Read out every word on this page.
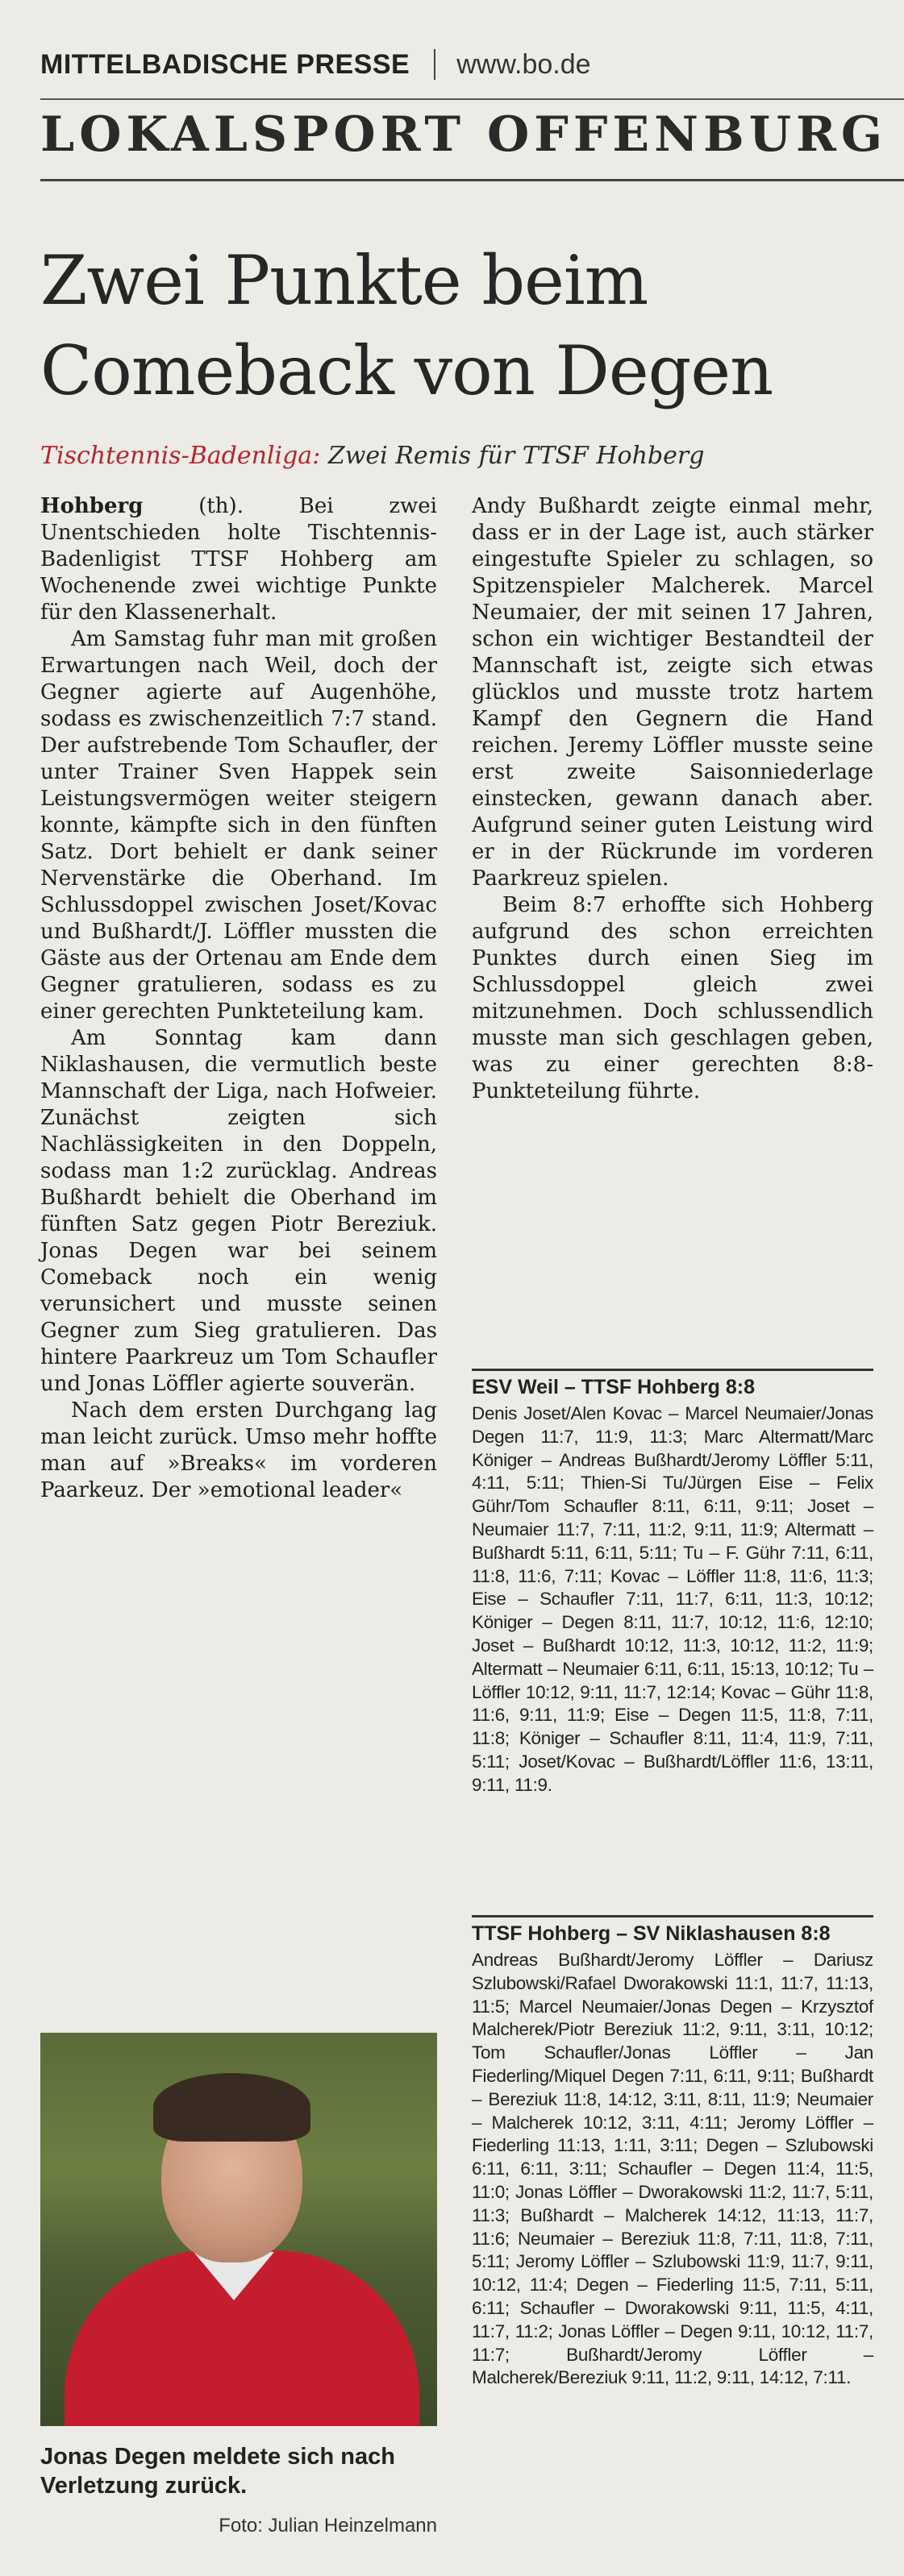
MITTELBADISCHE PRESSE www.bo.de
LOKALSPORT OFFENBURG
Zwei Punkte beim
Comeback von Degen
Tischtennis-Badenliga: Zwei Remis für TTSF Hohberg

Hohberg (th). Bei zwei Unentschieden holte Tischtennis-Badenligist TTSF Hohberg am Wochenende zwei wichtige Punkte für den Klassenerhalt.

Am Samstag fuhr man mit großen Erwartungen nach Weil, doch der Gegner agierte auf Augenhöhe, sodass es zwischenzeitlich 7:7 stand. Der aufstrebende Tom Schaufler, der unter Trainer Sven Happek sein Leistungsvermögen weiter steigern konnte, kämpfte sich in den fünften Satz. Dort behielt er dank seiner Nervenstärke die Oberhand. Im Schlussdoppel zwischen Joset/Kovac und Bußhardt/J. Löffler mussten die Gäste aus der Ortenau am Ende dem Gegner gratulieren, sodass es zu einer gerechten Punkteteilung kam.

Am Sonntag kam dann Niklashausen, die vermutlich beste Mannschaft der Liga, nach Hofweier. Zunächst zeigten sich Nachlässigkeiten in den Doppeln, sodass man 1:2 zurücklag. Andreas Bußhardt behielt die Oberhand im fünften Satz gegen Piotr Bereziuk. Jonas Degen war bei seinem Comeback noch ein wenig verunsichert und musste seinen Gegner zum Sieg gratulieren. Das hintere Paarkreuz um Tom Schaufler und Jonas Löffler agierte souverän.

Nach dem ersten Durchgang lag man leicht zurück. Umso mehr hoffte man auf »Breaks« im vorderen Paarkeuz. Der »emotional leader«

Andy Bußhardt zeigte einmal mehr, dass er in der Lage ist, auch stärker eingestufte Spieler zu schlagen, so Spitzenspieler Malcherek. Marcel Neumaier, der mit seinen 17 Jahren, schon ein wichtiger Bestandteil der Mannschaft ist, zeigte sich etwas glücklos und musste trotz hartem Kampf den Gegnern die Hand reichen. Jeremy Löffler musste seine erst zweite Saisonniederlage einstecken, gewann danach aber. Aufgrund seiner guten Leistung wird er in der Rückrunde im vorderen Paarkreuz spielen.

Beim 8:7 erhoffte sich Hohberg aufgrund des schon erreichten Punktes durch einen Sieg im Schlussdoppel gleich zwei mitzunehmen. Doch schlussendlich musste man sich geschlagen geben, was zu einer gerechten 8:8-Punkteteilung führte.

ESV Weil – TTSF Hohberg 8:8
Denis Joset/Alen Kovac – Marcel Neumaier/Jonas Degen 11:7, 11:9, 11:3; Marc Altermatt/Marc Königer – Andreas Bußhardt/Jeromy Löffler 5:11, 4:11, 5:11; Thien-Si Tu/Jürgen Eise – Felix Gühr/Tom Schaufler 8:11, 6:11, 9:11; Joset – Neumaier 11:7, 7:11, 11:2, 9:11, 11:9; Altermatt – Bußhardt 5:11, 6:11, 5:11; Tu – F. Gühr 7:11, 6:11, 11:8, 11:6, 7:11; Kovac – Löffler 11:8, 11:6, 11:3; Eise – Schaufler 7:11, 11:7, 6:11, 11:3, 10:12; Königer – Degen 8:11, 11:7, 10:12, 11:6, 12:10; Joset – Bußhardt 10:12, 11:3, 10:12, 11:2, 11:9; Altermatt – Neumaier 6:11, 6:11, 15:13, 10:12; Tu – Löffler 10:12, 9:11, 11:7, 12:14; Kovac – Gühr 11:8, 11:6, 9:11, 11:9; Eise – Degen 11:5, 11:8, 7:11, 11:8; Königer – Schaufler 8:11, 11:4, 11:9, 7:11, 5:11; Joset/Kovac – Bußhardt/Löffler 11:6, 13:11, 9:11, 11:9.
TTSF Hohberg – SV Niklashausen 8:8
Andreas Bußhardt/Jeromy Löffler – Dariusz Szlubowski/Rafael Dworakowski 11:1, 11:7, 11:13, 11:5; Marcel Neumaier/Jonas Degen – Krzysztof Malcherek/Piotr Bereziuk 11:2, 9:11, 3:11, 10:12; Tom Schaufler/Jonas Löffler – Jan Fiederling/Miquel Degen 7:11, 6:11, 9:11; Bußhardt – Bereziuk 11:8, 14:12, 3:11, 8:11, 11:9; Neumaier – Malcherek 10:12, 3:11, 4:11; Jeromy Löffler – Fiederling 11:13, 1:11, 3:11; Degen – Szlubowski 6:11, 6:11, 3:11; Schaufler – Degen 11:4, 11:5, 11:0; Jonas Löffler – Dworakowski 11:2, 11:7, 5:11, 11:3; Bußhardt – Malcherek 14:12, 11:13, 11:7, 11:6; Neumaier – Bereziuk 11:8, 7:11, 11:8, 7:11, 5:11; Jeromy Löffler – Szlubowski 11:9, 11:7, 9:11, 10:12, 11:4; Degen – Fiederling 11:5, 7:11, 5:11, 6:11; Schaufler – Dworakowski 9:11, 11:5, 4:11, 11:7, 11:2; Jonas Löffler – Degen 9:11, 10:12, 11:7, 11:7; Bußhardt/Jeromy Löffler – Malcherek/Bereziuk 9:11, 11:2, 9:11, 14:12, 7:11.
Jonas Degen meldete sich nach Verletzung zurück.
Foto: Julian Heinzelmann
